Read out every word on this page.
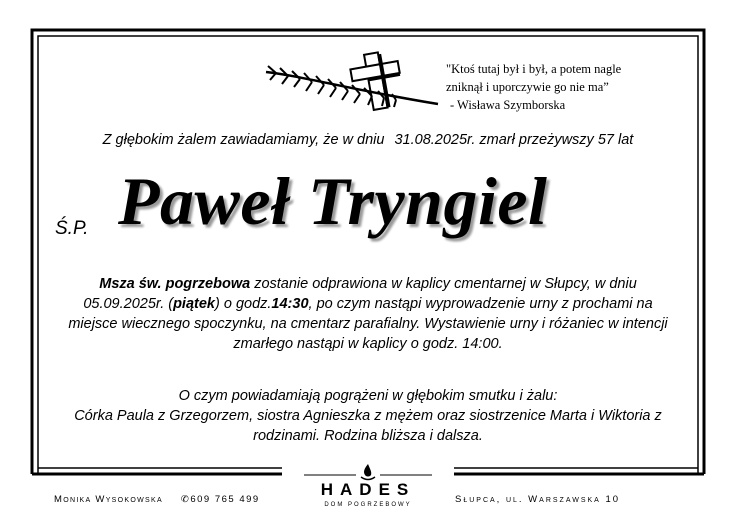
"Ktoś tutaj był i był, a potem nagle
zniknął i uporczywie go nie ma”

- Wisława Szymborska
Z głębokim żalem zawiadamiamy, że w dniu 31.08.2025r. zmarł przeżywszy 57 lat
Ś.P. Paweł Tryngiel
Msza św. pogrzebowa zostanie odprawiona w kaplicy cmentarnej w Słupcy, w dniu 05.09.2025r. (piątek) o godz.14:30, po czym nastąpi wyprowadzenie urny z prochami na miejsce wiecznego spoczynku, na cmentarz parafialny. Wystawienie urny i różaniec w intencji zmarłego nastąpi w kaplicy o godz. 14:00.
O czym powiadamiają pogrążeni w głębokim smutku i żalu:
Córka Paula z Grzegorzem, siostra Agnieszka z mężem oraz siostrzenice Marta i Wiktoria z rodzinami. Rodzina bliższa i dalsza.
Monika Wysokowska ✆609 765 499
HADES
DOM POGRZEBOWY	Słupca, ul. Warszawska 10
